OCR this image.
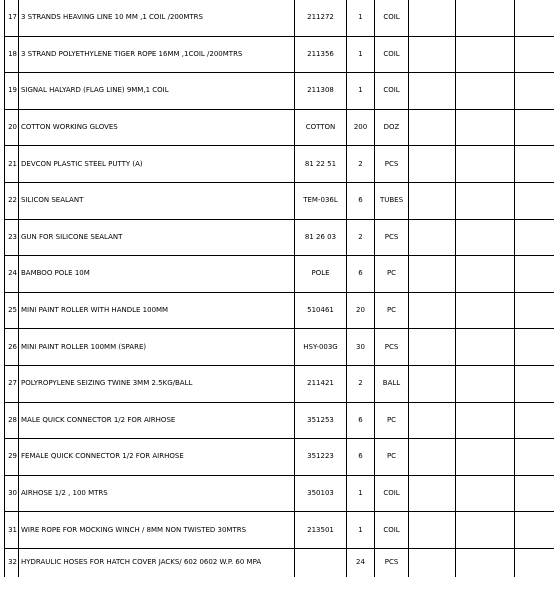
17	3 STRANDS HEAVING LINE 10 MM ,1 COIL /200MTRS	211272	1	COIL			
18	3 STRAND POLYETHYLENE TIGER ROPE 16MM ,1COIL /200MTRS	211356	1	COIL			
19	SIGNAL HALYARD (FLAG LINE) 9MM,1 COIL	211308	1	COIL			
20	COTTON WORKING GLOVES	COTTON	200	DOZ			
21	DEVCON PLASTIC STEEL PUTTY (A)	81 22 51	2	PCS			
22	SILICON SEALANT	TEM-036L	6	TUBES			
23	GUN FOR SILICONE SEALANT	81 26 03	2	PCS			
24	BAMBOO POLE 10M	POLE	6	PC			
25	MINI PAINT ROLLER WITH HANDLE 100MM	510461	20	PC			
26	MINI PAINT ROLLER 100MM (SPARE)	HSY-003G	30	PCS			
27	POLYROPYLENE SEIZING TWINE 3MM 2.5KG/BALL	211421	2	BALL			
28	MALE QUICK CONNECTOR 1/2 FOR AIRHOSE	351253	6	PC			
29	FEMALE QUICK CONNECTOR 1/2 FOR AIRHOSE	351223	6	PC			
30	AIRHOSE 1/2 , 100 MTRS	350103	1	COIL			
31	WIRE ROPE FOR MOCKING WINCH / 8MM NON TWISTED 30MTRS	213501	1	COIL			
32	HYDRAULIC HOSES FOR HATCH COVER JACKS/ 602 0602 W.P. 60 MPA		24	PCS			
